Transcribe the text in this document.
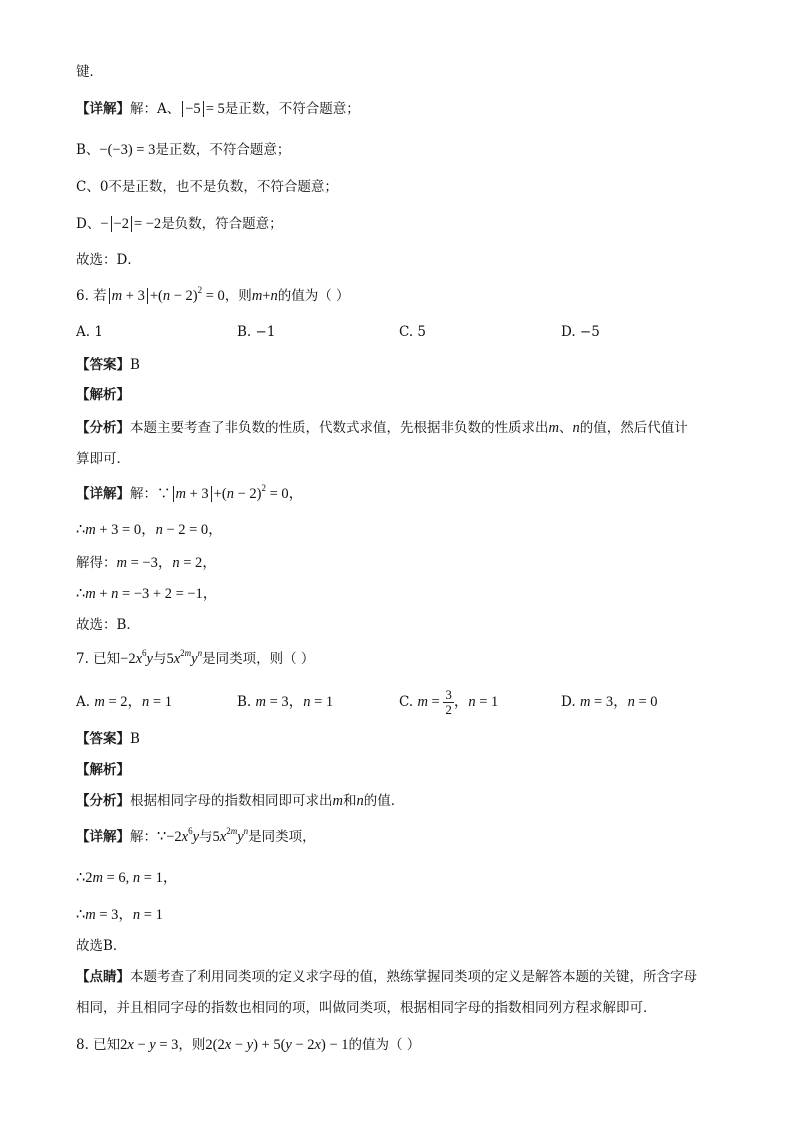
键．
【详解】解：A、 −5 = 5是正数，不符合题意；
B、−(−3) = 3是正数，不符合题意；
C、0不是正数，也不是负数，不符合题意；
D、− −2 = −2是负数，符合题意；
故选：D．
6. 若 $m + 3 +(n - 2)^2 = 0$，则m+n的值为（ ）
A. 1	B. −1	C. 5	D. −5
【答案】B
【解析】
【分析】本题主要考查了非负数的性质，代数式求值，先根据非负数的性质求出m、n的值，然后代值计
算即可．
【详解】解：∵ $m + 3 +(n - 2)^2 = 0$，
∴m + 3 = 0，n − 2 = 0，
解得：m = −3，n = 2，
∴m + n = −3 + 2 = −1，
故选：B．
7. 已知$-2x^6y$与$5x^{2m}y^n$是同类项，则（ ）
A. m = 2，n = 1	B. m = 3，n = 1	C. $m = \frac{3}{2}$ ，n = 1	D. m = 3，n = 0
【答案】B
【解析】
【分析】根据相同字母的指数相同即可求出m和n的值．
【详解】解：$\because-2x^6y$与$5x^{2m}y^n$是同类项，
∴2m = 6, n = 1，
∴m = 3，n = 1
故选B．
【点睛】本题考查了利用同类项的定义求字母的值，熟练掌握同类项的定义是解答本题的关键，所含字母
相同，并且相同字母的指数也相同的项，叫做同类项，根据相同字母的指数相同列方程求解即可．
8. 已知2x − y = 3，则2(2x − y) + 5(y − 2x) − 1的值为（ ）
